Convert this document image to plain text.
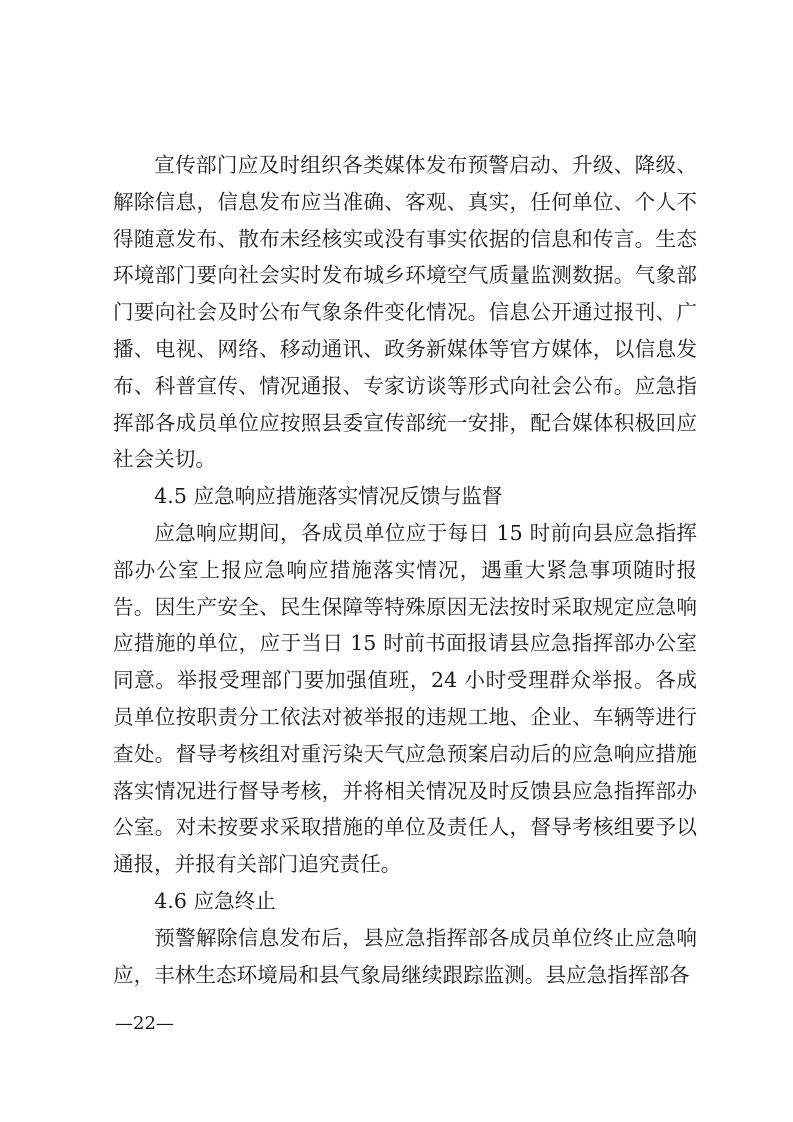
宣传部门应及时组织各类媒体发布预警启动、升级、降级、解除信息，信息发布应当准确、客观、真实，任何单位、个人不得随意发布、散布未经核实或没有事实依据的信息和传言。生态环境部门要向社会实时发布城乡环境空气质量监测数据。气象部门要向社会及时公布气象条件变化情况。信息公开通过报刊、广播、电视、网络、移动通讯、政务新媒体等官方媒体，以信息发布、科普宣传、情况通报、专家访谈等形式向社会公布。应急指挥部各成员单位应按照县委宣传部统一安排，配合媒体积极回应社会关切。

4.5 应急响应措施落实情况反馈与监督

应急响应期间，各成员单位应于每日 15 时前向县应急指挥部办公室上报应急响应措施落实情况，遇重大紧急事项随时报告。因生产安全、民生保障等特殊原因无法按时采取规定应急响应措施的单位，应于当日 15 时前书面报请县应急指挥部办公室同意。举报受理部门要加强值班，24 小时受理群众举报。各成员单位按职责分工依法对被举报的违规工地、企业、车辆等进行查处。督导考核组对重污染天气应急预案启动后的应急响应措施落实情况进行督导考核，并将相关情况及时反馈县应急指挥部办公室。对未按要求采取措施的单位及责任人，督导考核组要予以通报，并报有关部门追究责任。

4.6 应急终止

预警解除信息发布后，县应急指挥部各成员单位终止应急响应，丰林生态环境局和县气象局继续跟踪监测。县应急指挥部各

—22—
